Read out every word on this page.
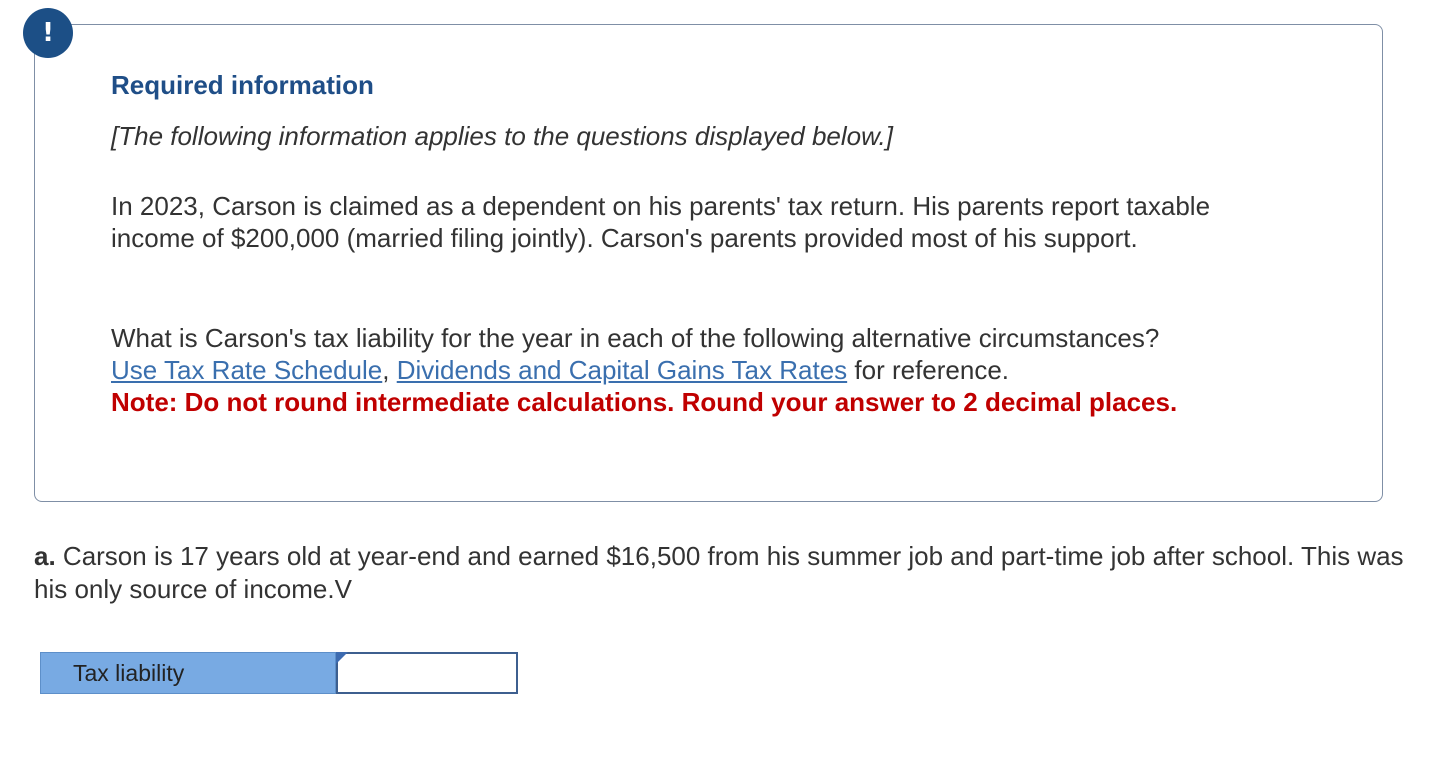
!
Required information

[The following information applies to the questions displayed below.]

In 2023, Carson is claimed as a dependent on his parents' tax return. His parents report taxable income of $200,000 (married filing jointly). Carson's parents provided most of his support.

What is Carson's tax liability for the year in each of the following alternative circumstances?
Use Tax Rate Schedule, Dividends and Capital Gains Tax Rates for reference.

Note: Do not round intermediate calculations. Round your answer to 2 decimal places.

a. Carson is 17 years old at year-end and earned $16,500 from his summer job and part-time job after school. This was his only source of income.V

Tax liability
